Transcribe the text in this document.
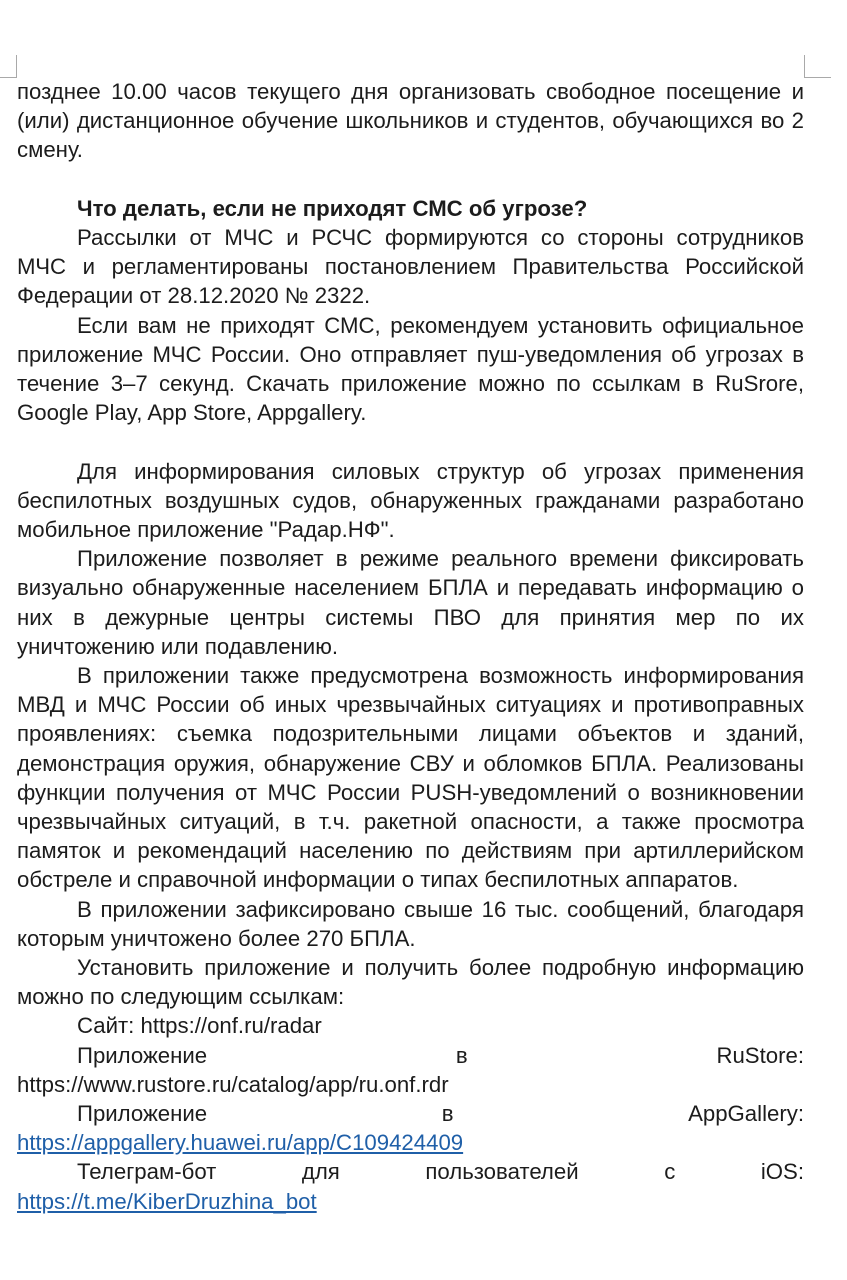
позднее 10.00 часов текущего дня организовать свободное посещение и (или) дистанционное обучение школьников и студентов, обучающихся во 2 смену.

Что делать, если не приходят СМС об угрозе?

Рассылки от МЧС и РСЧС формируются со стороны сотрудников МЧС и регламентированы постановлением Правительства Российской Федерации от 28.12.2020 № 2322.

Если вам не приходят СМС, рекомендуем установить официальное приложение МЧС России. Оно отправляет пуш-уведомления об угрозах в течение 3–7 секунд. Скачать приложение можно по ссылкам в RuSrore, Google Play, App Store, Appgallery.

Для информирования силовых структур об угрозах применения беспилотных воздушных судов, обнаруженных гражданами разработано мобильное приложение "Радар.НФ".

Приложение позволяет в режиме реального времени фиксировать визуально обнаруженные населением БПЛА и передавать информацию о них в дежурные центры системы ПВО для принятия мер по их уничтожению или подавлению.

В приложении также предусмотрена возможность информирования МВД и МЧС России об иных чрезвычайных ситуациях и противоправных проявлениях: съемка подозрительными лицами объектов и зданий, демонстрация оружия, обнаружение СВУ и обломков БПЛА. Реализованы функции получения от МЧС России PUSH-уведомлений о возникновении чрезвычайных ситуаций, в т.ч. ракетной опасности, а также просмотра памяток и рекомендаций населению по действиям при артиллерийском обстреле и справочной информации о типах беспилотных аппаратов.

В приложении зафиксировано свыше 16 тыс. сообщений, благодаря которым уничтожено более 270 БПЛА.

Установить приложение и получить более подробную информацию можно по следующим ссылкам:

Сайт: https://onf.ru/radar

Приложение	в	RuStore:
https://www.rustore.ru/catalog/app/ru.onf.rdr
Приложение	в	AppGallery:
https://appgallery.huawei.ru/app/C109424409
Телеграм-бот	для	пользователей	с	iOS:
https://t.me/KiberDruzhina_bot
